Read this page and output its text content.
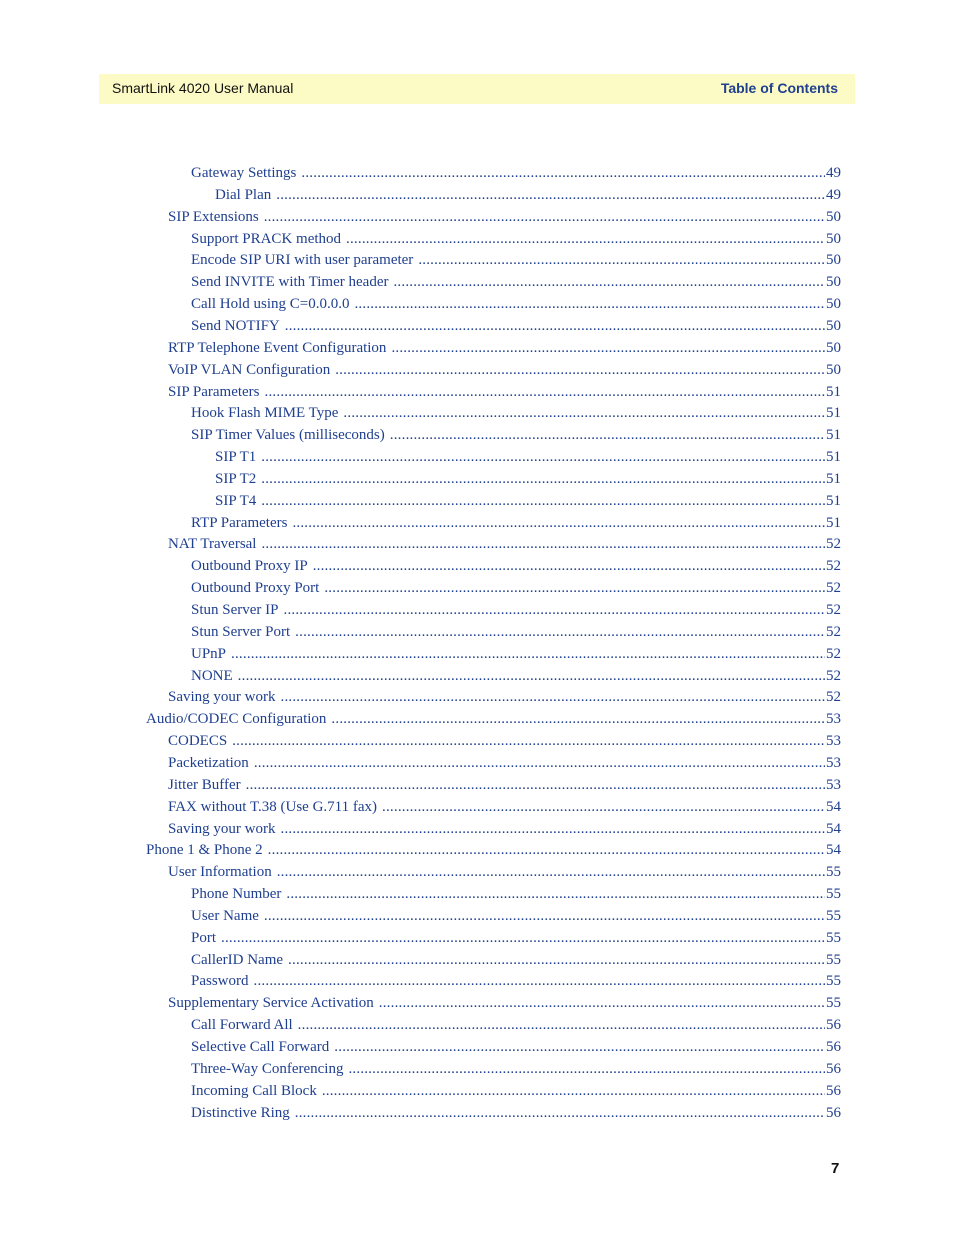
SmartLink 4020 User Manual	Table of Contents
Gateway Settings .....	49
Dial Plan .....	49
SIP Extensions .....	50
Support PRACK method .....	50
Encode SIP URI with user parameter .....	50
Send INVITE with Timer header .....	50
Call Hold using C=0.0.0.0 .....	50
Send NOTIFY .....	50
RTP Telephone Event Configuration .....	50
VoIP VLAN Configuration .....	50
SIP Parameters .....	51
Hook Flash MIME Type .....	51
SIP Timer Values (milliseconds) .....	51
SIP T1 .....	51
SIP T2 .....	51
SIP T4 .....	51
RTP Parameters .....	51
NAT Traversal .....	52
Outbound Proxy IP .....	52
Outbound Proxy Port .....	52
Stun Server IP .....	52
Stun Server Port .....	52
UPnP .....	52
NONE .....	52
Saving your work .....	52
Audio/CODEC Configuration .....	53
CODECS .....	53
Packetization .....	53
Jitter Buffer .....	53
FAX without T.38 (Use G.711 fax) .....	54
Saving your work .....	54
Phone 1 & Phone 2 .....	54
User Information .....	55
Phone Number .....	55
User Name .....	55
Port .....	55
CallerID Name .....	55
Password .....	55
Supplementary Service Activation .....	55
Call Forward All .....	56
Selective Call Forward .....	56
Three-Way Conferencing .....	56
Incoming Call Block .....	56
Distinctive Ring .....	56
7
